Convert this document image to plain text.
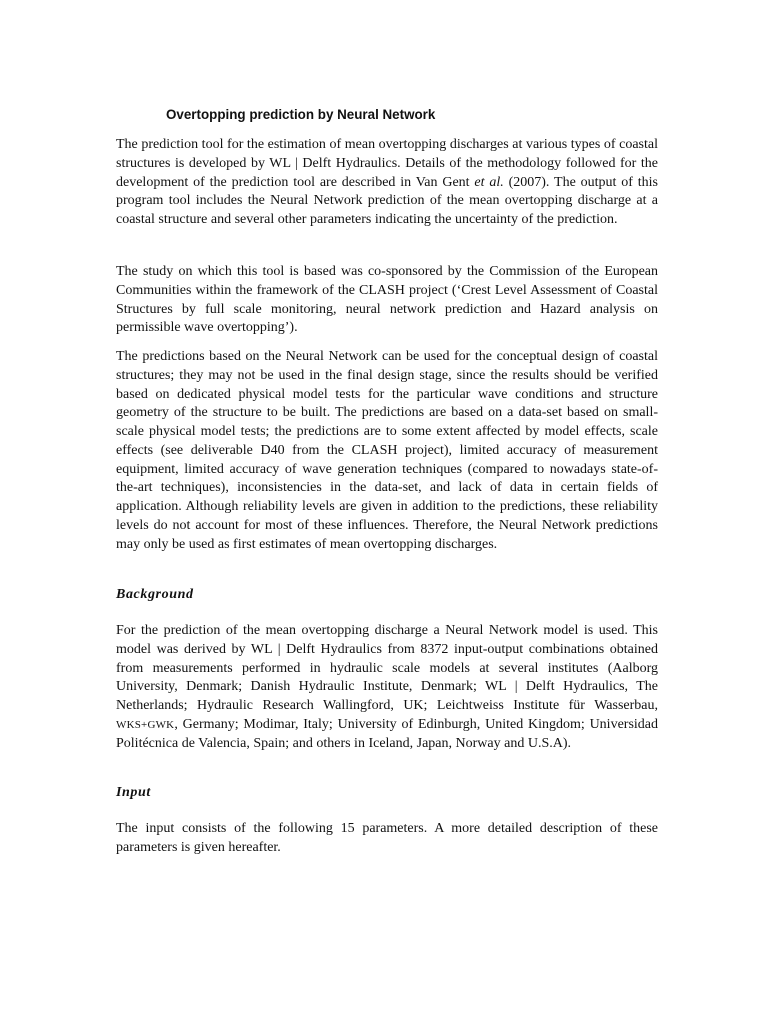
Overtopping prediction by Neural Network

The prediction tool for the estimation of mean overtopping discharges at various types of coastal structures is developed by WL | Delft Hydraulics. Details of the methodology followed for the development of the prediction tool are described in Van Gent et al. (2007). The output of this program tool includes the Neural Network prediction of the mean overtopping discharge at a coastal structure and several other parameters indicating the uncertainty of the prediction.

The study on which this tool is based was co-sponsored by the Commission of the European Communities within the framework of the CLASH project (‘Crest Level Assessment of Coastal Structures by full scale monitoring, neural network prediction and Hazard analysis on permissible wave overtopping’).

The predictions based on the Neural Network can be used for the conceptual design of coastal structures; they may not be used in the final design stage, since the results should be verified based on dedicated physical model tests for the particular wave conditions and structure geometry of the structure to be built. The predictions are based on a data-set based on small-scale physical model tests; the predictions are to some extent affected by model effects, scale effects (see deliverable D40 from the CLASH project), limited accuracy of measurement equipment, limited accuracy of wave generation techniques (compared to nowadays state-of-the-art techniques), inconsistencies in the data-set, and lack of data in certain fields of application. Although reliability levels are given in addition to the predictions, these reliability levels do not account for most of these influences. Therefore, the Neural Network predictions may only be used as first estimates of mean overtopping discharges.

Background

For the prediction of the mean overtopping discharge a Neural Network model is used. This model was derived by WL | Delft Hydraulics from 8372 input-output combinations obtained from measurements performed in hydraulic scale models at several institutes (Aalborg University, Denmark; Danish Hydraulic Institute, Denmark; WL | Delft Hydraulics, The Netherlands; Hydraulic Research Wallingford, UK; Leichtweiss Institute für Wasserbau, WKS+GWK, Germany; Modimar, Italy; University of Edinburgh, United Kingdom; Universidad Politécnica de Valencia, Spain; and others in Iceland, Japan, Norway and U.S.A).

Input

The input consists of the following 15 parameters. A more detailed description of these parameters is given hereafter.
